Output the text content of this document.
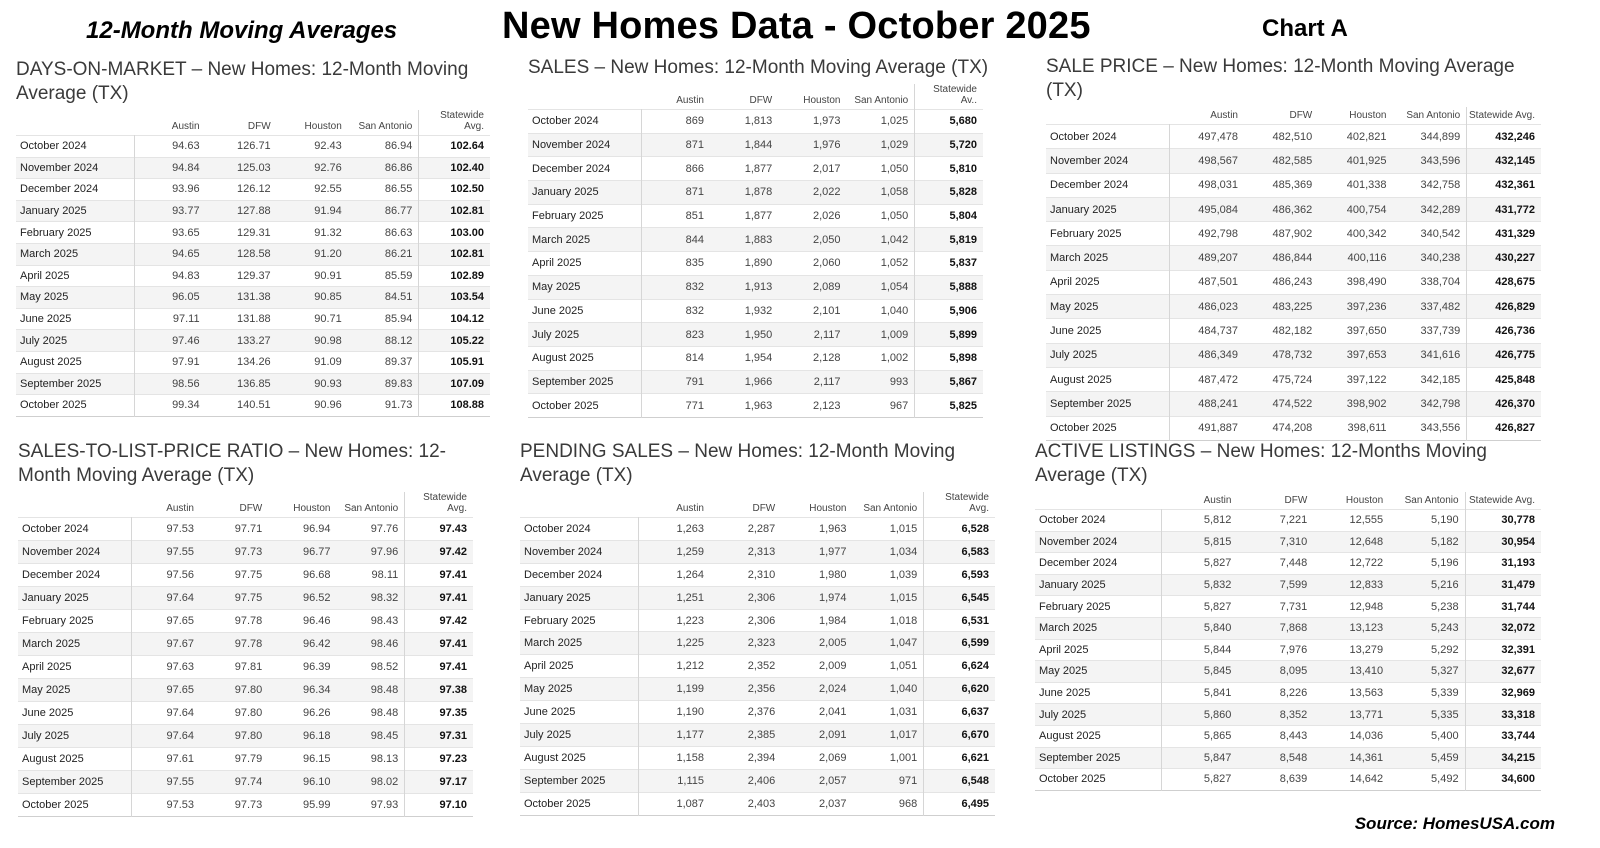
12-Month Moving Averages	New Homes Data - October 2025	Chart A
DAYS-ON-MARKET – New Homes: 12-Month Moving Average (TX)
	Austin	DFW	Houston	San Antonio	Statewide Avg.
October 2024	94.63	126.71	92.43	86.94	102.64
November 2024	94.84	125.03	92.76	86.86	102.40
December 2024	93.96	126.12	92.55	86.55	102.50
January 2025	93.77	127.88	91.94	86.77	102.81
February 2025	93.65	129.31	91.32	86.63	103.00
March 2025	94.65	128.58	91.20	86.21	102.81
April 2025	94.83	129.37	90.91	85.59	102.89
May 2025	96.05	131.38	90.85	84.51	103.54
June 2025	97.11	131.88	90.71	85.94	104.12
July 2025	97.46	133.27	90.98	88.12	105.22
August 2025	97.91	134.26	91.09	89.37	105.91
September 2025	98.56	136.85	90.93	89.83	107.09
October 2025	99.34	140.51	90.96	91.73	108.88
SALES – New Homes: 12-Month Moving Average (TX)
	Austin	DFW	Houston	San Antonio	Statewide Av..
October 2024	869	1,813	1,973	1,025	5,680
November 2024	871	1,844	1,976	1,029	5,720
December 2024	866	1,877	2,017	1,050	5,810
January 2025	871	1,878	2,022	1,058	5,828
February 2025	851	1,877	2,026	1,050	5,804
March 2025	844	1,883	2,050	1,042	5,819
April 2025	835	1,890	2,060	1,052	5,837
May 2025	832	1,913	2,089	1,054	5,888
June 2025	832	1,932	2,101	1,040	5,906
July 2025	823	1,950	2,117	1,009	5,899
August 2025	814	1,954	2,128	1,002	5,898
September 2025	791	1,966	2,117	993	5,867
October 2025	771	1,963	2,123	967	5,825
SALE PRICE – New Homes: 12-Month Moving Average (TX)
	Austin	DFW	Houston	San Antonio	Statewide Avg.
October 2024	497,478	482,510	402,821	344,899	432,246
November 2024	498,567	482,585	401,925	343,596	432,145
December 2024	498,031	485,369	401,338	342,758	432,361
January 2025	495,084	486,362	400,754	342,289	431,772
February 2025	492,798	487,902	400,342	340,542	431,329
March 2025	489,207	486,844	400,116	340,238	430,227
April 2025	487,501	486,243	398,490	338,704	428,675
May 2025	486,023	483,225	397,236	337,482	426,829
June 2025	484,737	482,182	397,650	337,739	426,736
July 2025	486,349	478,732	397,653	341,616	426,775
August 2025	487,472	475,724	397,122	342,185	425,848
September 2025	488,241	474,522	398,902	342,798	426,370
October 2025	491,887	474,208	398,611	343,556	426,827
SALES-TO-LIST-PRICE RATIO – New Homes: 12-Month Moving Average (TX)
	Austin	DFW	Houston	San Antonio	Statewide Avg.
October 2024	97.53	97.71	96.94	97.76	97.43
November 2024	97.55	97.73	96.77	97.96	97.42
December 2024	97.56	97.75	96.68	98.11	97.41
January 2025	97.64	97.75	96.52	98.32	97.41
February 2025	97.65	97.78	96.46	98.43	97.42
March 2025	97.67	97.78	96.42	98.46	97.41
April 2025	97.63	97.81	96.39	98.52	97.41
May 2025	97.65	97.80	96.34	98.48	97.38
June 2025	97.64	97.80	96.26	98.48	97.35
July 2025	97.64	97.80	96.18	98.45	97.31
August 2025	97.61	97.79	96.15	98.13	97.23
September 2025	97.55	97.74	96.10	98.02	97.17
October 2025	97.53	97.73	95.99	97.93	97.10
PENDING SALES – New Homes: 12-Month Moving Average (TX)
	Austin	DFW	Houston	San Antonio	Statewide Avg.
October 2024	1,263	2,287	1,963	1,015	6,528
November 2024	1,259	2,313	1,977	1,034	6,583
December 2024	1,264	2,310	1,980	1,039	6,593
January 2025	1,251	2,306	1,974	1,015	6,545
February 2025	1,223	2,306	1,984	1,018	6,531
March 2025	1,225	2,323	2,005	1,047	6,599
April 2025	1,212	2,352	2,009	1,051	6,624
May 2025	1,199	2,356	2,024	1,040	6,620
June 2025	1,190	2,376	2,041	1,031	6,637
July 2025	1,177	2,385	2,091	1,017	6,670
August 2025	1,158	2,394	2,069	1,001	6,621
September 2025	1,115	2,406	2,057	971	6,548
October 2025	1,087	2,403	2,037	968	6,495
ACTIVE LISTINGS – New Homes: 12-Months Moving Average (TX)
	Austin	DFW	Houston	San Antonio	Statewide Avg.
October 2024	5,812	7,221	12,555	5,190	30,778
November 2024	5,815	7,310	12,648	5,182	30,954
December 2024	5,827	7,448	12,722	5,196	31,193
January 2025	5,832	7,599	12,833	5,216	31,479
February 2025	5,827	7,731	12,948	5,238	31,744
March 2025	5,840	7,868	13,123	5,243	32,072
April 2025	5,844	7,976	13,279	5,292	32,391
May 2025	5,845	8,095	13,410	5,327	32,677
June 2025	5,841	8,226	13,563	5,339	32,969
July 2025	5,860	8,352	13,771	5,335	33,318
August 2025	5,865	8,443	14,036	5,400	33,744
September 2025	5,847	8,548	14,361	5,459	34,215
October 2025	5,827	8,639	14,642	5,492	34,600
Source: HomesUSA.com
